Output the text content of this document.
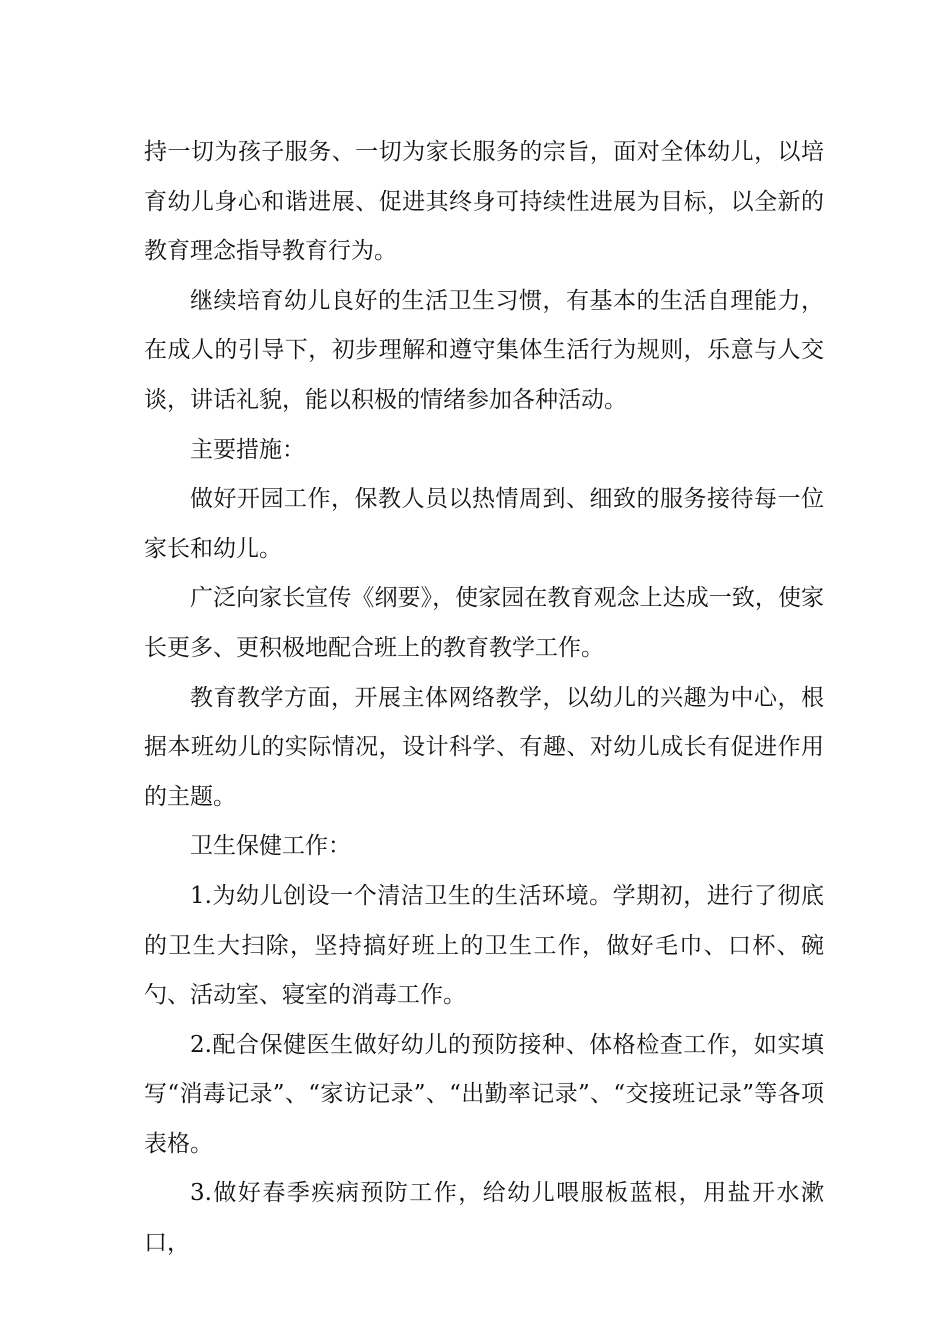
持一切为孩子服务、一切为家长服务的宗旨，面对全体幼儿，以培育幼儿身心和谐进展、促进其终身可持续性进展为目标，以全新的教育理念指导教育行为。

继续培育幼儿良好的生活卫生习惯，有基本的生活自理能力，在成人的引导下，初步理解和遵守集体生活行为规则，乐意与人交谈，讲话礼貌，能以积极的情绪参加各种活动。

主要措施：

做好开园工作，保教人员以热情周到、细致的服务接待每一位家长和幼儿。

广泛向家长宣传《纲要》，使家园在教育观念上达成一致，使家长更多、更积极地配合班上的教育教学工作。

教育教学方面，开展主体网络教学，以幼儿的兴趣为中心，根据本班幼儿的实际情况，设计科学、有趣、对幼儿成长有促进作用的主题。

卫生保健工作：

1.为幼儿创设一个清洁卫生的生活环境。学期初，进行了彻底的卫生大扫除，坚持搞好班上的卫生工作，做好毛巾、口杯、碗勺、活动室、寝室的消毒工作。

2.配合保健医生做好幼儿的预防接种、体格检查工作，如实填写“消毒记录”、“家访记录”、“出勤率记录”、“交接班记录”等各项表格。

3.做好春季疾病预防工作，给幼儿喂服板蓝根，用盐开水漱口，
